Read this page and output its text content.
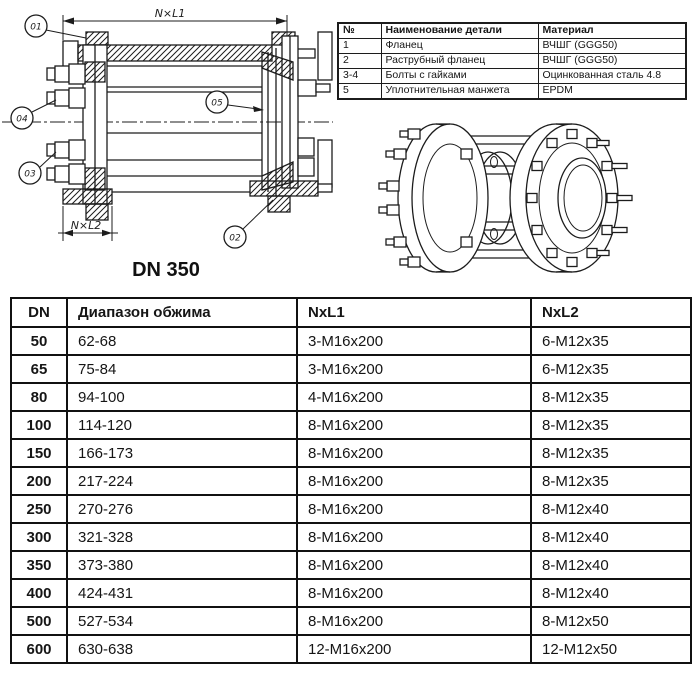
N×L1
N×L2
01
04
03
05
02
DN 350
№	Наименование детали	Материал
1	Фланец	ВЧШГ (GGG50)
2	Раструбный фланец	ВЧШГ (GGG50)
3-4	Болты с гайками	Оцинкованная сталь 4.8
5	Уплотнительная манжета	EPDM
DN	Диапазон обжима	NxL1	NxL2
50	62-68	3-M16x200	6-M12x35
65	75-84	3-M16x200	6-M12x35
80	94-100	4-M16x200	8-M12x35
100	114-120	8-M16x200	8-M12x35
150	166-173	8-M16x200	8-M12x35
200	217-224	8-M16x200	8-M12x35
250	270-276	8-M16x200	8-M12x40
300	321-328	8-M16x200	8-M12x40
350	373-380	8-M16x200	8-M12x40
400	424-431	8-M16x200	8-M12x40
500	527-534	8-M16x200	8-M12x50
600	630-638	12-M16x200	12-M12x50
